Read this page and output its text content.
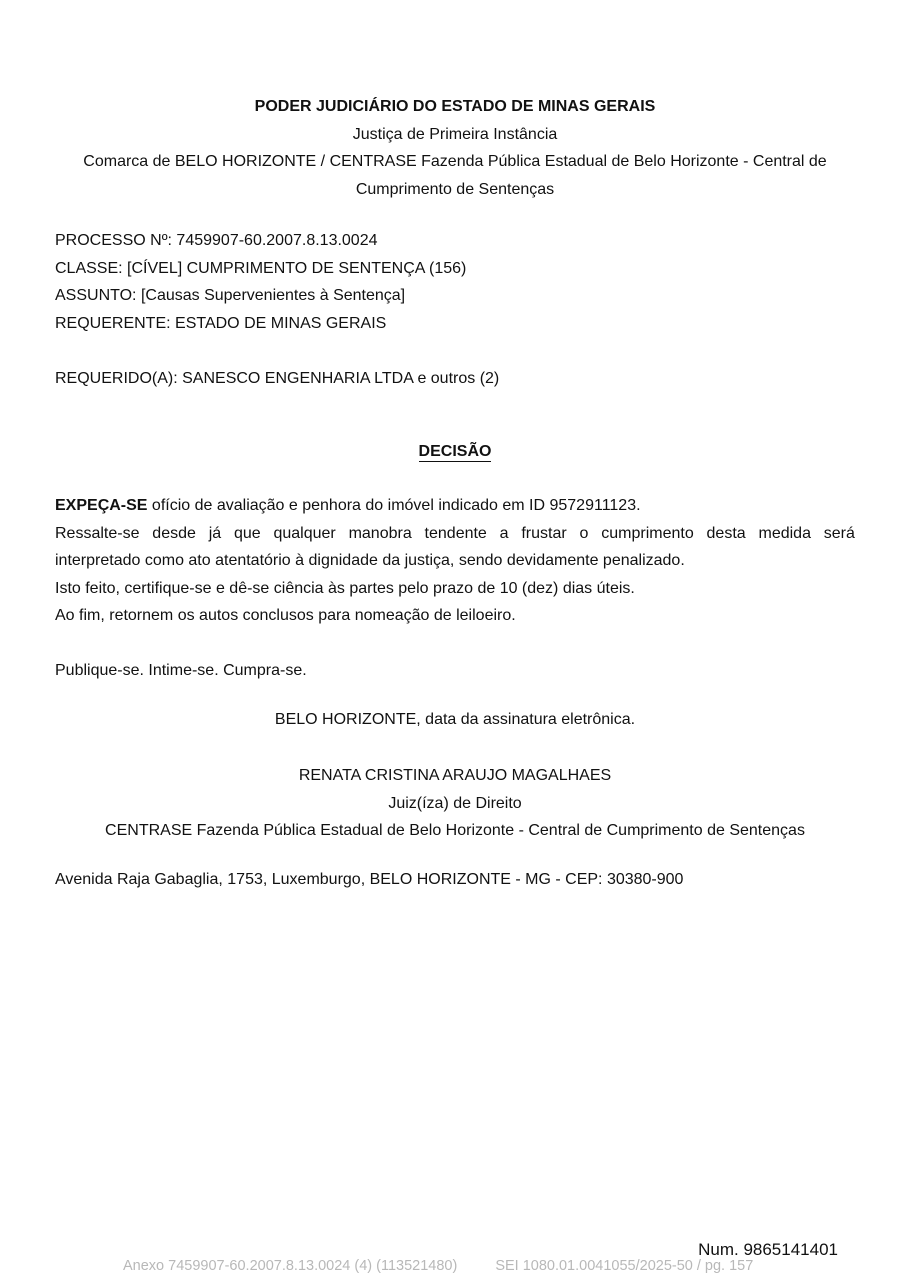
PODER JUDICIÁRIO DO ESTADO DE MINAS GERAIS
Justiça de Primeira Instância
Comarca de BELO HORIZONTE / CENTRASE Fazenda Pública Estadual de Belo Horizonte - Central de
Cumprimento de Sentenças
PROCESSO Nº: 7459907-60.2007.8.13.0024
CLASSE: [CÍVEL] CUMPRIMENTO DE SENTENÇA (156)
ASSUNTO: [Causas Supervenientes à Sentença]
REQUERENTE: ESTADO DE MINAS GERAIS
REQUERIDO(A): SANESCO ENGENHARIA LTDA e outros (2)
DECISÃO
EXPEÇA-SE ofício de avaliação e penhora do imóvel indicado em ID 9572911123.
Ressalte-se desde já que qualquer manobra tendente a frustar o cumprimento desta medida será
interpretado como ato atentatório à dignidade da justiça, sendo devidamente penalizado.
Isto feito, certifique-se e dê-se ciência às partes pelo prazo de 10 (dez) dias úteis.
Ao fim, retornem os autos conclusos para nomeação de leiloeiro.
Publique-se. Intime-se. Cumpra-se.
BELO HORIZONTE, data da assinatura eletrônica.
RENATA CRISTINA ARAUJO MAGALHAES
Juiz(íza) de Direito
CENTRASE Fazenda Pública Estadual de Belo Horizonte - Central de Cumprimento de Sentenças
Avenida Raja Gabaglia, 1753, Luxemburgo, BELO HORIZONTE - MG - CEP: 30380-900
Num. 9865141401
Anexo 7459907-60.2007.8.13.0024 (4) (113521480)	SEI 1080.01.0041055/2025-50 / pg. 157
